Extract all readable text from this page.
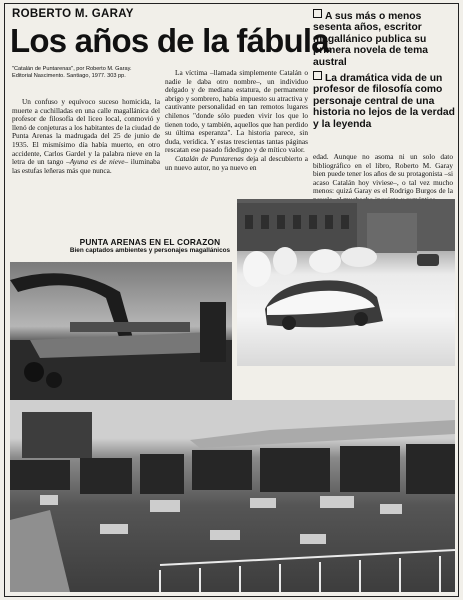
ROBERTO M. GARAY
Los años de la fábula
"Catalán de Puntarenas", por Roberto M. Garay. Editorial Nascimento. Santiago, 1977. 303 pp.
A sus más o menos sesenta años, escritor magallánico publica su primera novela de tema austral
La dramática vida de un profesor de filosofía como personaje central de una historia no lejos de la verdad y la leyenda

Un confuso y equívoco suceso homicida, la muerte a cuchilladas en una calle magallánica del profesor de filosofía del liceo local, conmovió y llenó de conjeturas a los habitantes de la ciudad de Punta Arenas la madrugada del 25 de junio de 1935. El mismísimo día había muerto, en otro accidente, Carlos Gardel y la palabra nieve en la letra de un tango –Ayuna es de nieve– iluminaba las estufas leñeras más que nunca.

La víctima –llamada simplemente Catalán o nadie le daba otro nombre–, un individuo delgado y de mediana estatura, de permanente abrigo y sombrero, había impuesto su atractiva y cautivante personalidad en tan remotos lugares chilenos "donde sólo pueden vivir los que lo tienen todo, y también, aquellos que han perdido su última esperanza". La historia parece, sin duda, verídica. Y estas trescientas tantas páginas rescatan ese pasado fidedigno y de mítico valor.

Catalán de Puntarenas deja al descubierto a un nuevo autor, no ya nuevo en

edad. Aunque no asoma ni un solo dato bibliográfico en el libro, Roberto M. Garay bien puede tener los años de su protagonista –si acaso Catalán hoy viviese–, o tal vez mucho menos: quizá Garay es el Rodrigo Burgos de la

PUNTA ARENAS EN EL CORAZON
Bien captados ambientes y personajes magallánicos
